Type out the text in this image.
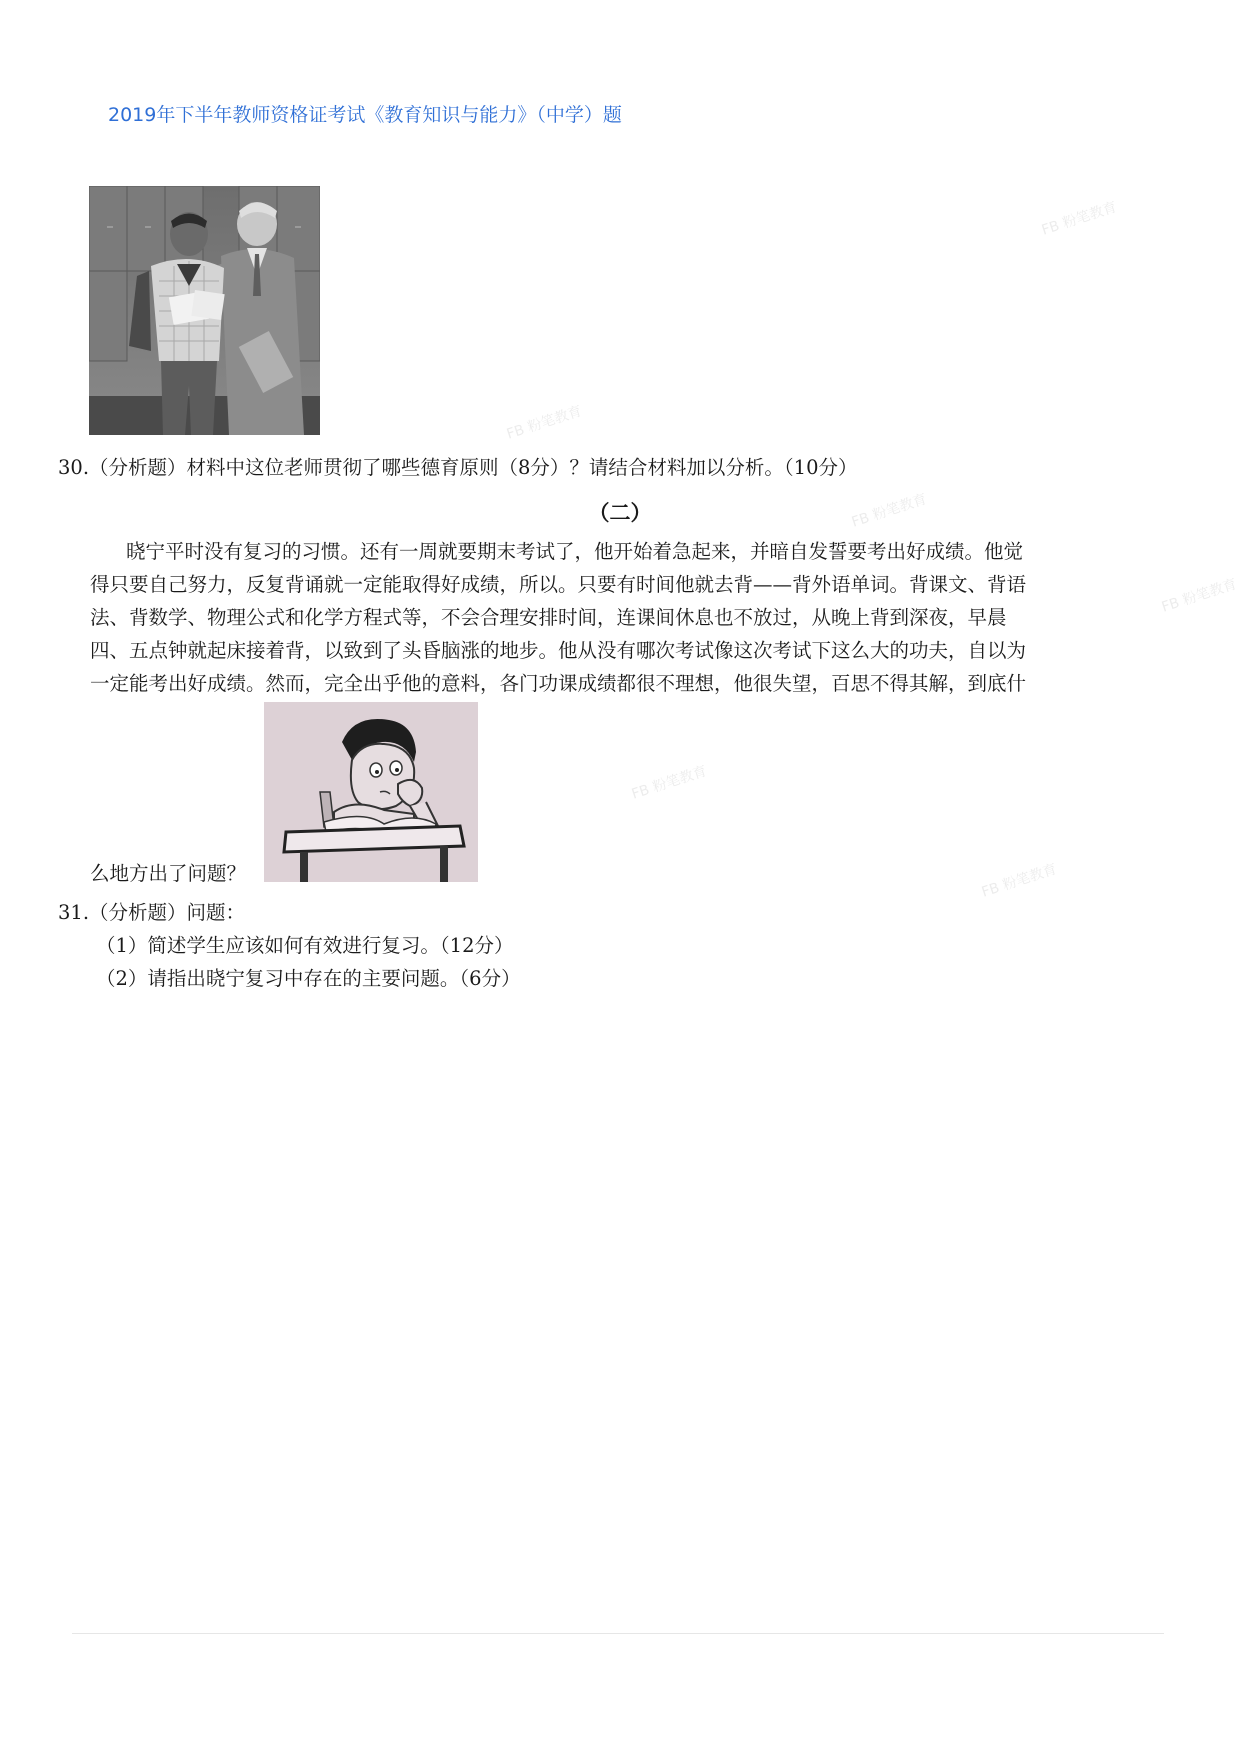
2019年下半年教师资格证考试《教育知识与能力》（中学）题
FB 粉笔教育
FB 粉笔教育
FB 粉笔教育
FB 粉笔教育
FB 粉笔教育
FB 粉笔教育
30.（分析题）材料中这位老师贯彻了哪些德育原则（8分）？请结合材料加以分析。（10分）
（二）
晓宁平时没有复习的习惯。还有一周就要期末考试了，他开始着急起来，并暗自发誓要考出好成绩。他觉
得只要自己努力，反复背诵就一定能取得好成绩，所以。只要有时间他就去背——背外语单词。背课文、背语
法、背数学、物理公式和化学方程式等，不会合理安排时间，连课间休息也不放过，从晚上背到深夜，早晨
四、五点钟就起床接着背，以致到了头昏脑涨的地步。他从没有哪次考试像这次考试下这么大的功夫，自以为
一定能考出好成绩。然而，完全出乎他的意料，各门功课成绩都很不理想，他很失望，百思不得其解，到底什
么地方出了问题？
31.（分析题）问题：
（1）简述学生应该如何有效进行复习。（12分）
（2）请指出晓宁复习中存在的主要问题。（6分）
